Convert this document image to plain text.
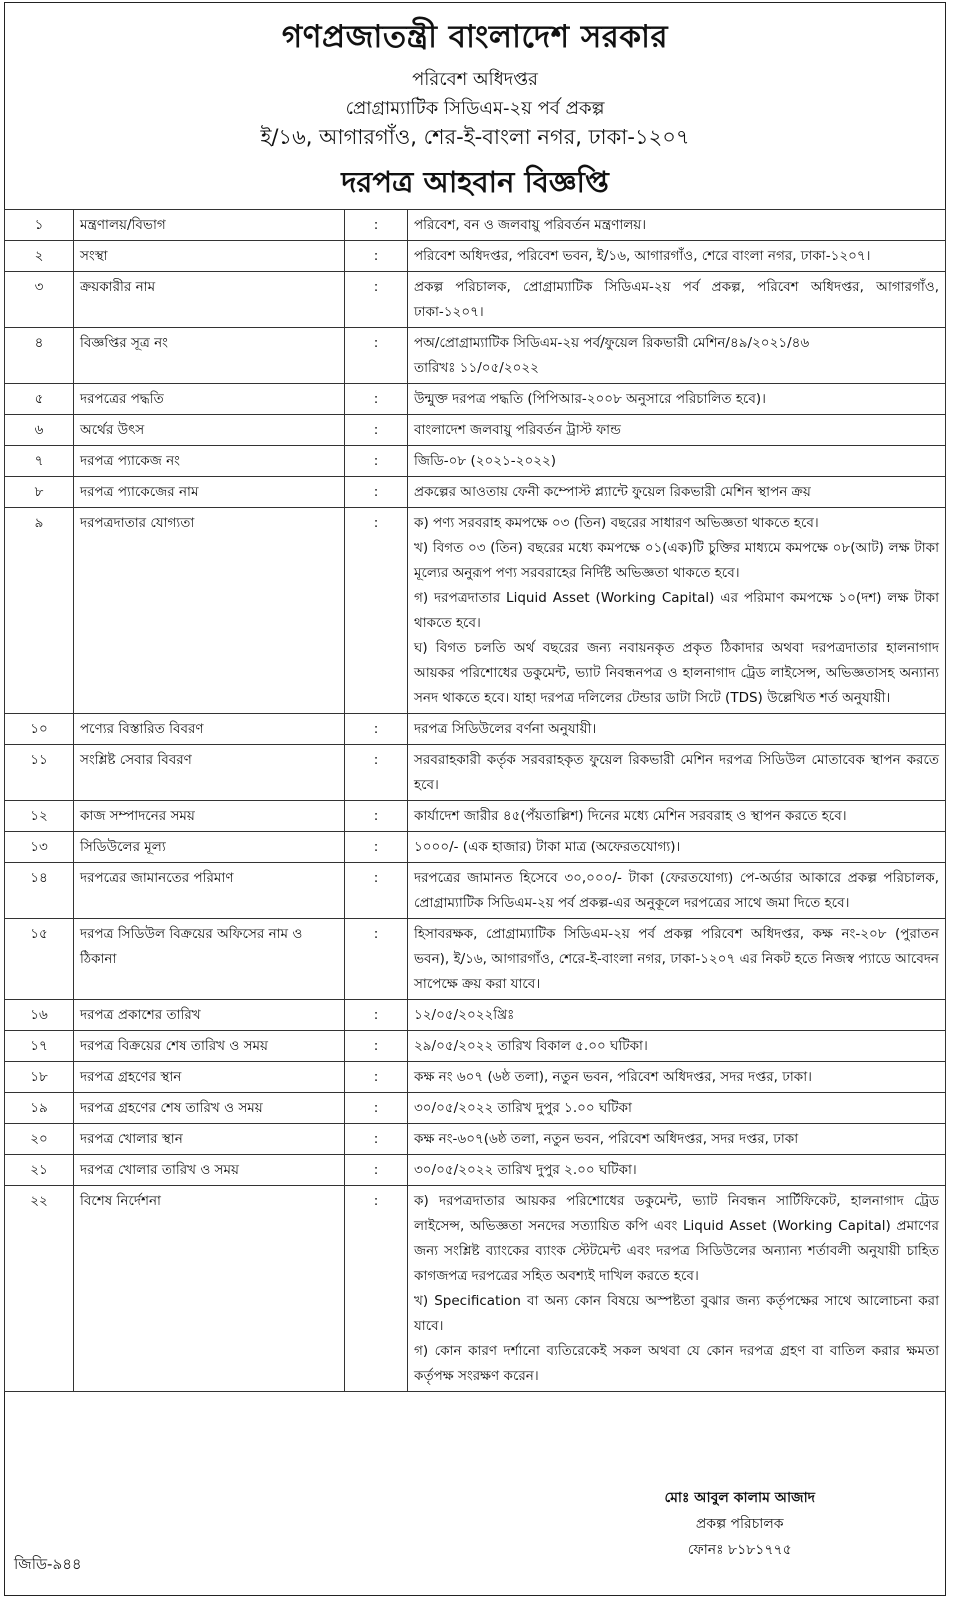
গণপ্রজাতন্ত্রী বাংলাদেশ সরকার
পরিবেশ অধিদপ্তর
প্রোগ্রাম্যাটিক সিডিএম-২য় পর্ব প্রকল্প
ই/১৬, আগারগাঁও, শের-ই-বাংলা নগর, ঢাকা-১২০৭
দরপত্র আহবান বিজ্ঞপ্তি
১	মন্ত্রণালয়/বিভাগ	:	পরিবেশ, বন ও জলবায়ু পরিবর্তন মন্ত্রণালয়।

২	সংস্থা	:	পরিবেশ অধিদপ্তর, পরিবেশ ভবন, ই/১৬, আগারগাঁও, শেরে বাংলা নগর, ঢাকা-১২০৭।

৩	ক্রয়কারীর নাম	:	প্রকল্প পরিচালক, প্রোগ্রাম্যাটিক সিডিএম-২য় পর্ব প্রকল্প, পরিবেশ অধিদপ্তর, আগারগাঁও, ঢাকা-১২০৭।

৪	বিজ্ঞপ্তির সূত্র নং	:	পঅ/প্রোগ্রাম্যাটিক সিডিএম-২য় পর্ব/ফুয়েল রিকভারী মেশিন/৪৯/২০২১/৪৬
তারিখঃ ১১/০৫/২০২২

৫	দরপত্রের পদ্ধতি	:	উন্মুক্ত দরপত্র পদ্ধতি (পিপিআর-২০০৮ অনুসারে পরিচালিত হবে)।

৬	অর্থের উৎস	:	বাংলাদেশ জলবায়ু পরিবর্তন ট্রাস্ট ফান্ড

৭	দরপত্র প্যাকেজ নং	:	জিডি-০৮ (২০২১-২০২২)

৮	দরপত্র প্যাকেজের নাম	:	প্রকল্পের আওতায় ফেনী কম্পোস্ট প্ল্যান্টে ফুয়েল রিকভারী মেশিন স্থাপন ক্রয়

৯	দরপত্রদাতার যোগ্যতা	:	ক) পণ্য সরবরাহ কমপক্ষে ০৩ (তিন) বছরের সাধারণ অভিজ্ঞতা থাকতে হবে।
খ) বিগত ০৩ (তিন) বছরের মধ্যে কমপক্ষে ০১(এক)টি চুক্তির মাধ্যমে কমপক্ষে ০৮(আট) লক্ষ টাকা মূল্যের অনুরূপ পণ্য সরবরাহের নির্দিষ্ট অভিজ্ঞতা থাকতে হবে।
গ) দরপত্রদাতার Liquid Asset (Working Capital) এর পরিমাণ কমপক্ষে ১০(দশ) লক্ষ টাকা থাকতে হবে।
ঘ) বিগত চলতি অর্থ বছরের জন্য নবায়নকৃত প্রকৃত ঠিকাদার অথবা দরপত্রদাতার হালনাগাদ আয়কর পরিশোধের ডকুমেন্ট, ভ্যাট নিবন্ধনপত্র ও হালনাগাদ ট্রেড লাইসেন্স, অভিজ্ঞতাসহ অন্যান্য সনদ থাকতে হবে। যাহা দরপত্র দলিলের টেন্ডার ডাটা সিটে (TDS) উল্লেখিত শর্ত অনুযায়ী।

১০	পণ্যের বিস্তারিত বিবরণ	:	দরপত্র সিডিউলের বর্ণনা অনুযায়ী।

১১	সংশ্লিষ্ট সেবার বিবরণ	:	সরবরাহকারী কর্তৃক সরবরাহকৃত ফুয়েল রিকভারী মেশিন দরপত্র সিডিউল মোতাবেক স্থাপন করতে হবে।

১২	কাজ সম্পাদনের সময়	:	কার্যাদেশ জারীর ৪৫(পঁয়তাল্লিশ) দিনের মধ্যে মেশিন সরবরাহ ও স্থাপন করতে হবে।

১৩	সিডিউলের মূল্য	:	১০০০/- (এক হাজার) টাকা মাত্র (অফেরতযোগ্য)।

১৪	দরপত্রের জামানতের পরিমাণ	:	দরপত্রের জামানত হিসেবে ৩০,০০০/- টাকা (ফেরতযোগ্য) পে-অর্ডার আকারে প্রকল্প পরিচালক, প্রোগ্রাম্যাটিক সিডিএম-২য় পর্ব প্রকল্প-এর অনুকূলে দরপত্রের সাথে জমা দিতে হবে।

১৫	দরপত্র সিডিউল বিক্রয়ের অফিসের নাম ও ঠিকানা	:	হিসাবরক্ষক, প্রোগ্রাম্যাটিক সিডিএম-২য় পর্ব প্রকল্প পরিবেশ অধিদপ্তর, কক্ষ নং-২০৮ (পুরাতন ভবন), ই/১৬, আগারগাঁও, শেরে-ই-বাংলা নগর, ঢাকা-১২০৭ এর নিকট হতে নিজস্ব প্যাডে আবেদন সাপেক্ষে ক্রয় করা যাবে।

১৬	দরপত্র প্রকাশের তারিখ	:	১২/০৫/২০২২খ্রিঃ

১৭	দরপত্র বিক্রয়ের শেষ তারিখ ও সময়	:	২৯/০৫/২০২২ তারিখ বিকাল ৫.০০ ঘটিকা।

১৮	দরপত্র গ্রহণের স্থান	:	কক্ষ নং ৬০৭ (৬ষ্ঠ তলা), নতুন ভবন, পরিবেশ অধিদপ্তর, সদর দপ্তর, ঢাকা।

১৯	দরপত্র গ্রহণের শেষ তারিখ ও সময়	:	৩০/০৫/২০২২ তারিখ দুপুর ১.০০ ঘটিকা

২০	দরপত্র খোলার স্থান	:	কক্ষ নং-৬০৭(৬ষ্ঠ তলা, নতুন ভবন, পরিবেশ অধিদপ্তর, সদর দপ্তর, ঢাকা

২১	দরপত্র খোলার তারিখ ও সময়	:	৩০/০৫/২০২২ তারিখ দুপুর ২.০০ ঘটিকা।

২২	বিশেষ নির্দেশনা	:	ক) দরপত্রদাতার আয়কর পরিশোধের ডকুমেন্ট, ভ্যাট নিবন্ধন সার্টিফিকেট, হালনাগাদ ট্রেড লাইসেন্স, অভিজ্ঞতা সনদের সত্যায়িত কপি এবং Liquid Asset (Working Capital) প্রমাণের জন্য সংশ্লিষ্ট ব্যাংকের ব্যাংক স্টেটমেন্ট এবং দরপত্র সিডিউলের অন্যান্য শর্তাবলী অনুযায়ী চাহিত কাগজপত্র দরপত্রের সহিত অবশ্যই দাখিল করতে হবে।
খ) Specification বা অন্য কোন বিষয়ে অস্পষ্টতা বুঝার জন্য কর্তৃপক্ষের সাথে আলোচনা করা যাবে।
গ) কোন কারণ দর্শানো ব্যতিরেকেই সকল অথবা যে কোন দরপত্র গ্রহণ বা বাতিল করার ক্ষমতা কর্তৃপক্ষ সংরক্ষণ করেন।
মোঃ আবুল কালাম আজাদ
প্রকল্প পরিচালক
ফোনঃ ৮১৮১৭৭৫
জিডি-৯৪৪
